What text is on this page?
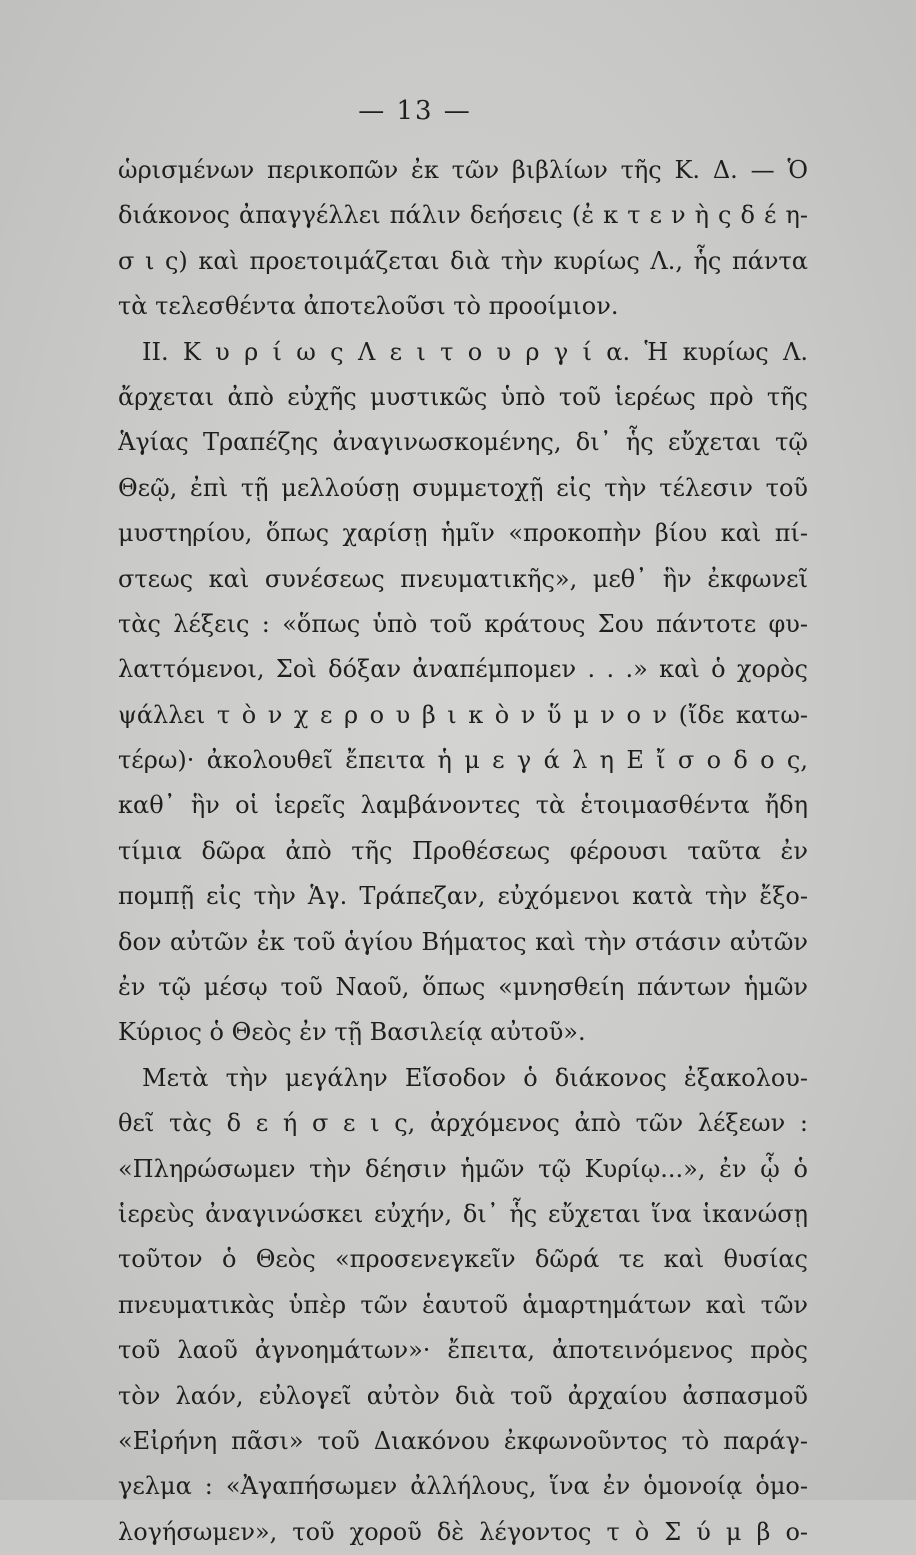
— 13 —
ὡρισμένων περικοπῶν ἐκ τῶν βιβλίων τῆς Κ. Δ. — Ὁ
διάκονος ἀπαγγέλλει πάλιν δεήσεις (ἐ κ τ ε ν ὴ ς δ έ η-
σ ι ς) καὶ προετοιμάζεται διὰ τὴν κυρίως Λ., ἧς πάντα
τὰ τελεσθέντα ἀποτελοῦσι τὸ προοίμιον.
II. Κ υ ρ ί ω ς Λ ε ι τ ο υ ρ γ ί α. Ἡ κυρίως Λ.
ἄρχεται ἀπὸ εὐχῆς μυστικῶς ὑπὸ τοῦ ἱερέως πρὸ τῆς
Ἁγίας Τραπέζης ἀναγινωσκομένης, δι᾿ ἧς εὔχεται τῷ
Θεῷ, ἐπὶ τῇ μελλούσῃ συμμετοχῇ εἰς τὴν τέλεσιν τοῦ
μυστηρίου, ὅπως χαρίσῃ ἡμῖν «προκοπὴν βίου καὶ πί-
στεως καὶ συνέσεως πνευματικῆς», μεθ᾿ ἣν ἐκφωνεῖ
τὰς λέξεις : «ὅπως ὑπὸ τοῦ κράτους Σου πάντοτε φυ-
λαττόμενοι, Σοὶ δόξαν ἀναπέμπομεν . . .» καὶ ὁ χορὸς
ψάλλει τ ὸ ν χ ε ρ ο υ β ι κ ὸ ν ὕ μ ν ο ν (ἴδε κατω-
τέρω)· ἀκολουθεῖ ἔπειτα ἡ μ ε γ ά λ η Ε ἴ σ ο δ ο ς,
καθ᾿ ἣν οἱ ἱερεῖς λαμβάνοντες τὰ ἑτοιμασθέντα ἤδη
τίμια δῶρα ἀπὸ τῆς Προθέσεως φέρουσι ταῦτα ἐν
πομπῇ εἰς τὴν Ἁγ. Τράπεζαν, εὐχόμενοι κατὰ τὴν ἔξο-
δον αὐτῶν ἐκ τοῦ ἁγίου Βήματος καὶ τὴν στάσιν αὐτῶν
ἐν τῷ μέσῳ τοῦ Ναοῦ, ὅπως «μνησθείη πάντων ἡμῶν
Κύριος ὁ Θεὸς ἐν τῇ Βασιλείᾳ αὐτοῦ».
Μετὰ τὴν μεγάλην Εἴσοδον ὁ διάκονος ἐξακολου-
θεῖ τὰς δ ε ή σ ε ι ς, ἀρχόμενος ἀπὸ τῶν λέξεων :
«Πληρώσωμεν τὴν δέησιν ἡμῶν τῷ Κυρίῳ...», ἐν ᾧ ὁ
ἱερεὺς ἀναγινώσκει εὐχήν, δι᾿ ἧς εὔχεται ἵνα ἱκανώσῃ
τοῦτον ὁ Θεὸς «προσενεγκεῖν δῶρά τε καὶ θυσίας
πνευματικὰς ὑπὲρ τῶν ἑαυτοῦ ἁμαρτημάτων καὶ τῶν
τοῦ λαοῦ ἀγνοημάτων»· ἔπειτα, ἀποτεινόμενος πρὸς
τὸν λαόν, εὐλογεῖ αὐτὸν διὰ τοῦ ἀρχαίου ἀσπασμοῦ
«Εἰρήνη πᾶσι» τοῦ Διακόνου ἐκφωνοῦντος τὸ παράγ-
γελμα : «Ἀγαπήσωμεν ἀλλήλους, ἵνα ἐν ὁμονοίᾳ ὁμο-
λογήσωμεν», τοῦ χοροῦ δὲ λέγοντος τ ὸ Σ ύ μ β ο-
